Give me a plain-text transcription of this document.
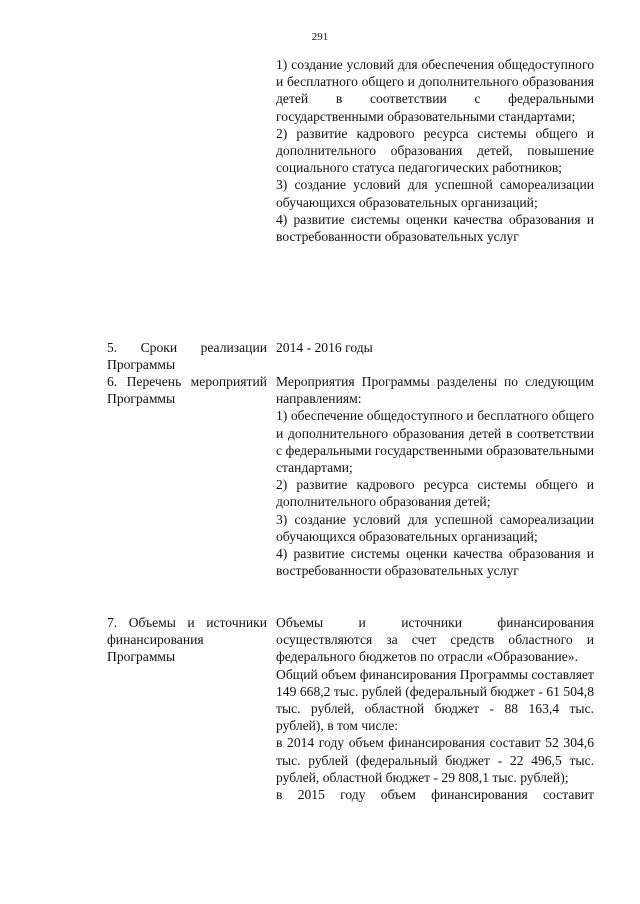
291
1) создание условий для обеспечения общедоступного и бесплатного общего и дополнительного образования детей в соответствии с федеральными государственными образовательными стандартами;
2) развитие кадрового ресурса системы общего и дополнительного образования детей, повышение социального статуса педагогических работников;
3) создание условий для успешной самореализации обучающихся образовательных организаций;
4) развитие системы оценки качества образования и востребованности образовательных услуг
5. Сроки реализации Программы
2014 - 2016 годы
6. Перечень мероприятий Программы
Мероприятия Программы разделены по следующим направлениям:
1) обеспечение общедоступного и бесплатного общего и дополнительного образования детей в соответствии с федеральными государственными образовательными стандартами;
2) развитие кадрового ресурса системы общего и дополнительного образования детей;
3) создание условий для успешной самореализации обучающихся образовательных организаций;
4) развитие системы оценки качества образования и востребованности образовательных услуг
7. Объемы и источники финансирования Программы
Объемы и источники финансирования осуществляются за счет средств областного и федерального бюджетов по отрасли «Образование».
Общий объем финансирования Программы составляет 149 668,2 тыс. рублей (федеральный бюджет - 61 504,8 тыс. рублей, областной бюджет - 88 163,4 тыс. рублей), в том числе:
в 2014 году объем финансирования составит 52 304,6 тыс. рублей (федеральный бюджет - 22 496,5 тыс. рублей, областной бюджет - 29 808,1 тыс. рублей);
в 2015 году объем финансирования составит
